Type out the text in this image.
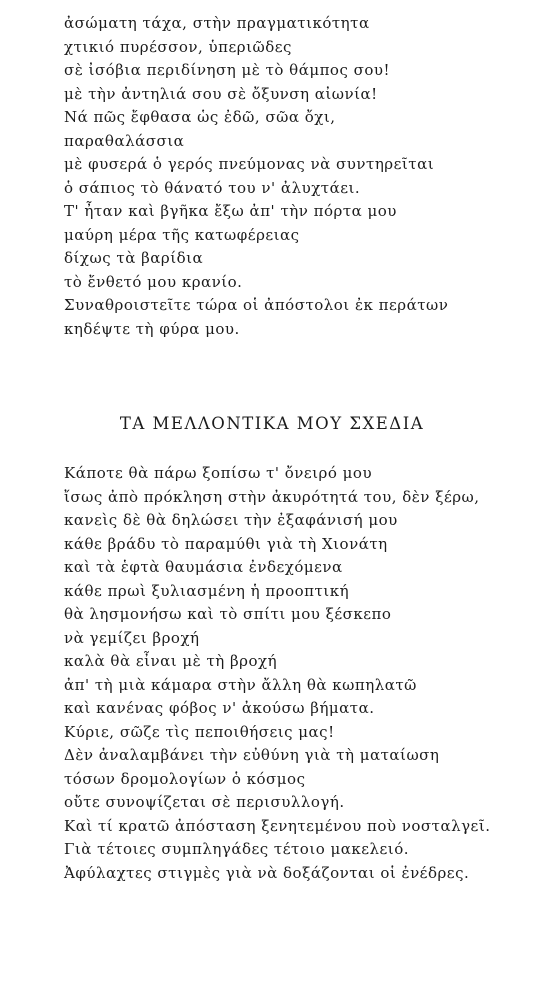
ἀσώματη τάχα, στὴν πραγματικότητα
χτικιό πυρέσσον, ὑπεριῶδες
σὲ ἰσόβια περιδίνηση μὲ τὸ θάμπος σου!
μὲ τὴν ἀντηλιά σου σὲ ὄξυνση αἰωνία!
Νά πῶς ἔφθασα ὡς ἐδῶ, σῶα ὄχι,
παραθαλάσσια
μὲ φυσερά ὁ γερός πνεύμονας νὰ συντηρεῖται
ὁ σάπιος τὸ θάνατό του ν' ἀλυχτάει.
Τ' ἦταν καὶ βγῆκα ἔξω ἀπ' τὴν πόρτα μου
μαύρη μέρα τῆς κατωφέρειας
δίχως τὰ βαρίδια
τὸ ἔνθετό μου κρανίο.
Συναθροιστεῖτε τώρα οἱ ἀπόστολοι ἐκ περάτων
κηδέψτε τὴ φύρα μου.
ΤΑ ΜΕΛΛΟΝΤΙΚΑ ΜΟΥ ΣΧΕΔΙΑ
Κάποτε θὰ πάρω ξοπίσω τ' ὄνειρό μου
ἴσως ἀπὸ πρόκληση στὴν ἀκυρότητά του, δὲν ξέρω,
κανεὶς δὲ θὰ δηλώσει τὴν ἐξαφάνισή μου
κάθε βράδυ τὸ παραμύθι γιὰ τὴ Χιονάτη
καὶ τὰ ἑφτὰ θαυμάσια ἐνδεχόμενα
κάθε πρωὶ ξυλιασμένη ἡ προοπτική
θὰ λησμονήσω καὶ τὸ σπίτι μου ξέσκεπο
νὰ γεμίζει βροχή
καλὰ θὰ εἶναι μὲ τὴ βροχή
ἀπ' τὴ μιὰ κάμαρα στὴν ἄλλη θὰ κωπηλατῶ
καὶ κανένας φόβος ν' ἀκούσω βήματα.
Κύριε, σῶζε τὶς πεποιθήσεις μας!
Δὲν ἀναλαμβάνει τὴν εὐθύνη γιὰ τὴ ματαίωση
τόσων δρομολογίων ὁ κόσμος
οὔτε συνοψίζεται σὲ περισυλλογή.
Καὶ τί κρατῶ ἀπόσταση ξενητεμένου ποὺ νοσταλγεῖ.
Γιὰ τέτοιες συμπληγάδες τέτοιο μακελειό.
Ἀφύλαχτες στιγμὲς γιὰ νὰ δοξάζονται οἱ ἐνέδρες.
